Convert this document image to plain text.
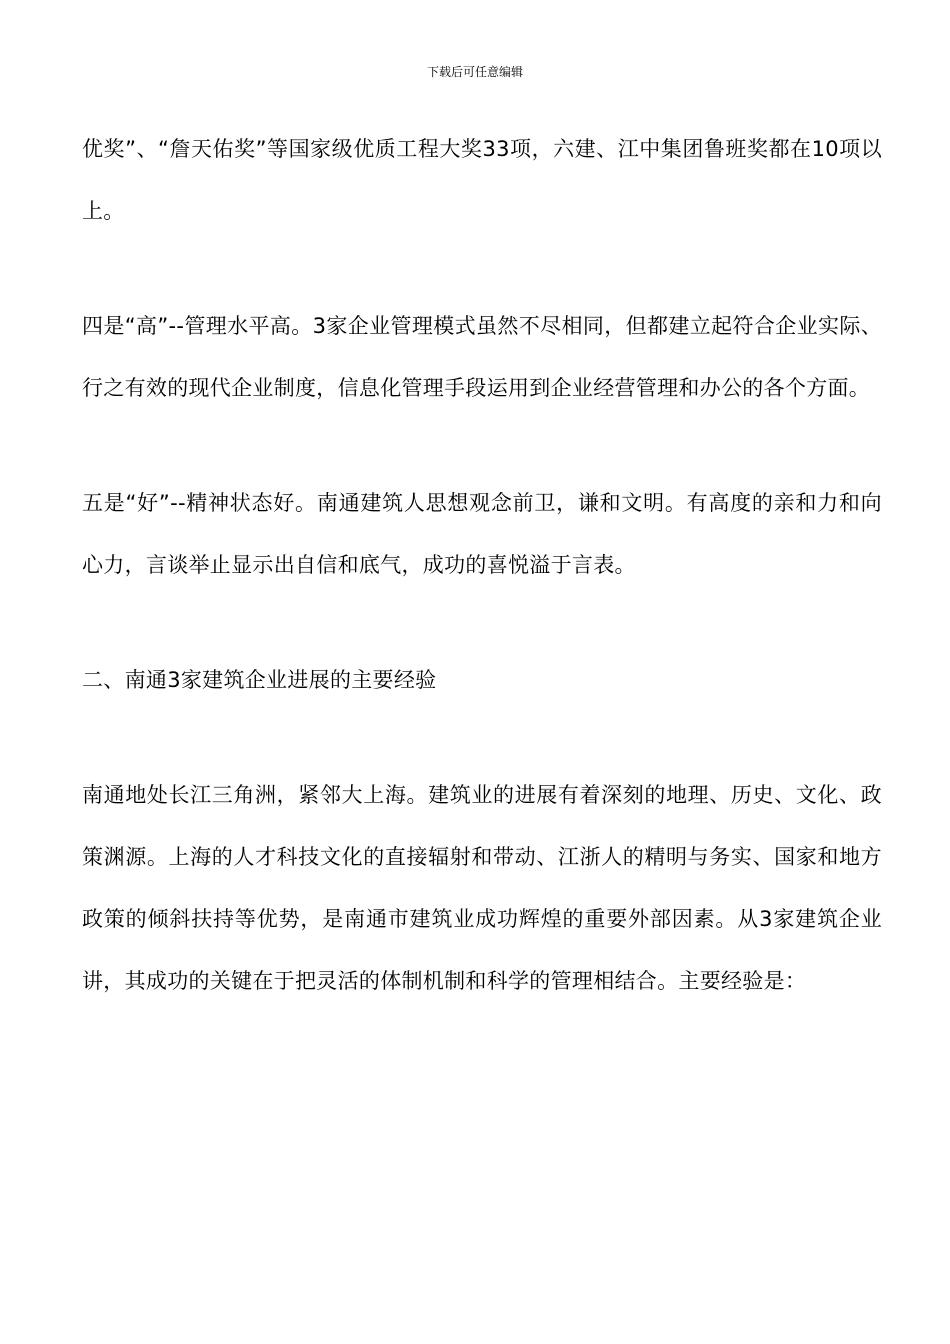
下载后可任意编辑

优奖”、“詹天佑奖”等国家级优质工程大奖33项，六建、江中集团鲁班奖都在10项以上。

四是“高”--管理水平高。3家企业管理模式虽然不尽相同，但都建立起符合企业实际、行之有效的现代企业制度，信息化管理手段运用到企业经营管理和办公的各个方面。

五是“好”--精神状态好。南通建筑人思想观念前卫，谦和文明。有高度的亲和力和向心力，言谈举止显示出自信和底气，成功的喜悦溢于言表。

二、南通3家建筑企业进展的主要经验

南通地处长江三角洲，紧邻大上海。建筑业的进展有着深刻的地理、历史、文化、政策渊源。上海的人才科技文化的直接辐射和带动、江浙人的精明与务实、国家和地方政策的倾斜扶持等优势，是南通市建筑业成功辉煌的重要外部因素。从3家建筑企业讲，其成功的关键在于把灵活的体制机制和科学的管理相结合。主要经验是：
